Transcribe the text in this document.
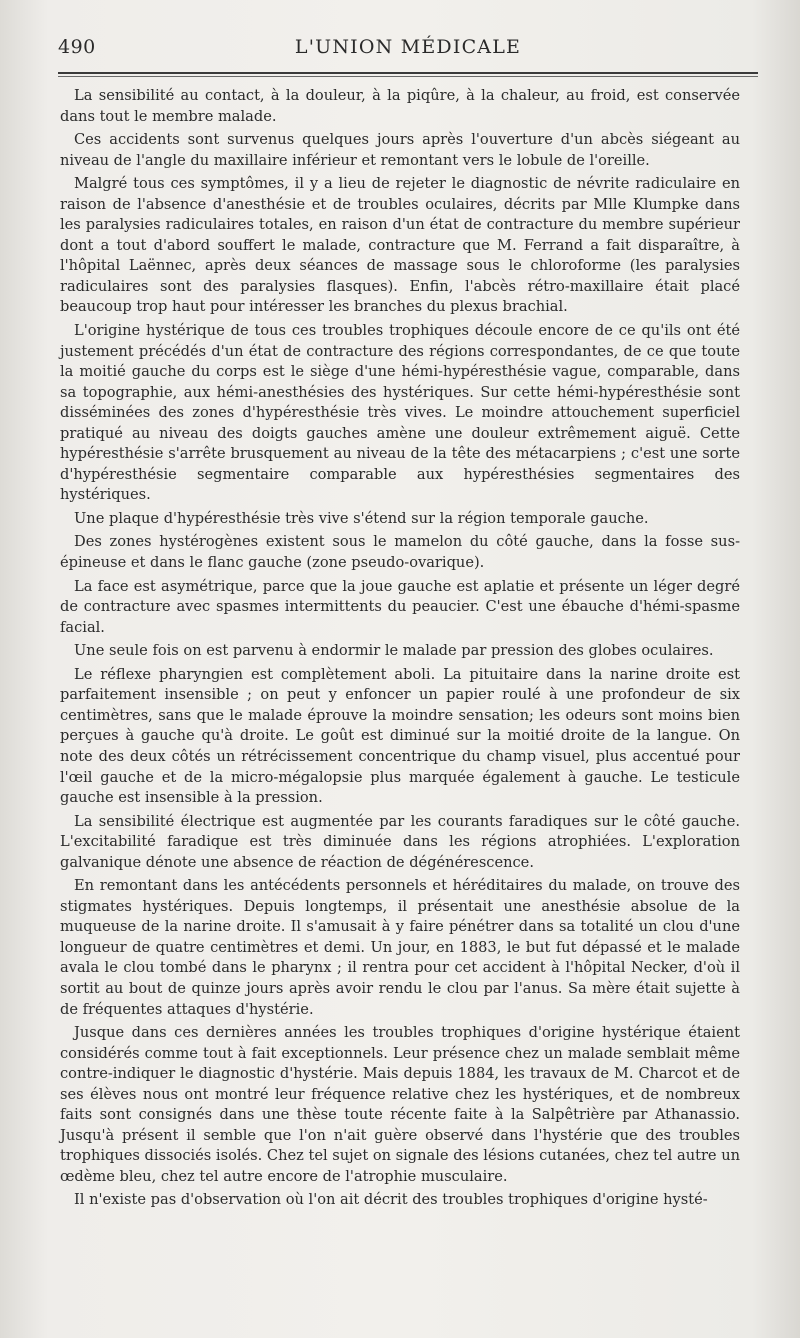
490	L'UNION MÉDICALE

La sensibilité au contact, à la douleur, à la piqûre, à la chaleur, au froid, est conservée dans tout le membre malade.

Ces accidents sont survenus quelques jours après l'ouverture d'un abcès siégeant au niveau de l'angle du maxillaire inférieur et remontant vers le lobule de l'oreille.

Malgré tous ces symptômes, il y a lieu de rejeter le diagnostic de névrite radiculaire en raison de l'absence d'anesthésie et de troubles oculaires, décrits par Mlle Klumpke dans les paralysies radiculaires totales, en raison d'un état de contracture du membre supérieur dont a tout d'abord souffert le malade, contracture que M. Ferrand a fait disparaître, à l'hôpital Laënnec, après deux séances de massage sous le chloroforme (les paralysies radiculaires sont des paralysies flasques). Enfin, l'abcès rétro-maxillaire était placé beaucoup trop haut pour intéresser les branches du plexus brachial.

L'origine hystérique de tous ces troubles trophiques découle encore de ce qu'ils ont été justement précédés d'un état de contracture des régions correspondantes, de ce que toute la moitié gauche du corps est le siège d'une hémi-hypéresthésie vague, comparable, dans sa topographie, aux hémi-anesthésies des hystériques. Sur cette hémi-hypéresthésie sont disséminées des zones d'hypéresthésie très vives. Le moindre attouchement superficiel pratiqué au niveau des doigts gauches amène une douleur extrêmement aiguë. Cette hypéresthésie s'arrête brusquement au niveau de la tête des métacarpiens ; c'est une sorte d'hypéresthésie segmentaire comparable aux hypéresthésies segmentaires des hystériques.

Une plaque d'hypéresthésie très vive s'étend sur la région temporale gauche.

Des zones hystérogènes existent sous le mamelon du côté gauche, dans la fosse sus-épineuse et dans le flanc gauche (zone pseudo-ovarique).

La face est asymétrique, parce que la joue gauche est aplatie et présente un léger degré de contracture avec spasmes intermittents du peaucier. C'est une ébauche d'hémi-spasme facial.

Une seule fois on est parvenu à endormir le malade par pression des globes oculaires.

Le réflexe pharyngien est complètement aboli. La pituitaire dans la narine droite est parfaitement insensible ; on peut y enfoncer un papier roulé à une profondeur de six centimètres, sans que le malade éprouve la moindre sensation; les odeurs sont moins bien perçues à gauche qu'à droite. Le goût est diminué sur la moitié droite de la langue. On note des deux côtés un rétrécissement concentrique du champ visuel, plus accentué pour l'œil gauche et de la micro-mégalopsie plus marquée également à gauche. Le testicule gauche est insensible à la pression.

La sensibilité électrique est augmentée par les courants faradiques sur le côté gauche. L'excitabilité faradique est très diminuée dans les régions atrophiées. L'exploration galvanique dénote une absence de réaction de dégénérescence.

En remontant dans les antécédents personnels et héréditaires du malade, on trouve des stigmates hystériques. Depuis longtemps, il présentait une anesthésie absolue de la muqueuse de la narine droite. Il s'amusait à y faire pénétrer dans sa totalité un clou d'une longueur de quatre centimètres et demi. Un jour, en 1883, le but fut dépassé et le malade avala le clou tombé dans le pharynx ; il rentra pour cet accident à l'hôpital Necker, d'où il sortit au bout de quinze jours après avoir rendu le clou par l'anus. Sa mère était sujette à de fréquentes attaques d'hystérie.

Jusque dans ces dernières années les troubles trophiques d'origine hystérique étaient considérés comme tout à fait exceptionnels. Leur présence chez un malade semblait même contre-indiquer le diagnostic d'hystérie. Mais depuis 1884, les travaux de M. Charcot et de ses élèves nous ont montré leur fréquence relative chez les hystériques, et de nombreux faits sont consignés dans une thèse toute récente faite à la Salpêtrière par Athanassio. Jusqu'à présent il semble que l'on n'ait guère observé dans l'hystérie que des troubles trophiques dissociés isolés. Chez tel sujet on signale des lésions cutanées, chez tel autre un œdème bleu, chez tel autre encore de l'atrophie musculaire.

Il n'existe pas d'observation où l'on ait décrit des troubles trophiques d'origine hysté-
